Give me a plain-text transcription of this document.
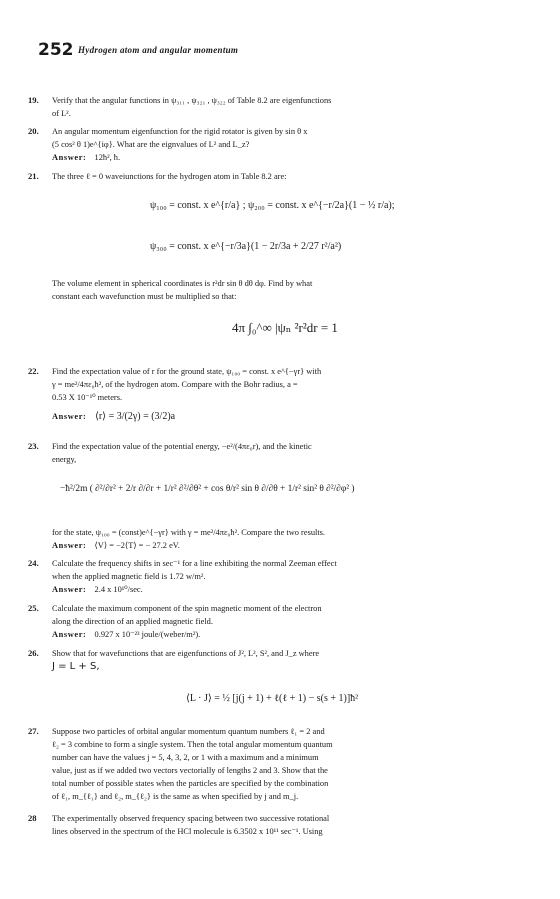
252 Hydrogen atom and angular momentum
19. Verify that the angular functions in ψ₃₁₁ , ψ₃₂₁ , ψ₃₂₂ of Table 8.2 are eigenfunctions
of L².
20. An angular momentum eigenfunction for the rigid rotator is given by sin θ x
(5 cos² θ 1)e^{iφ}. What are the eignvalues of L² and L_z?
Answer: 12ħ², ħ.
21. The three ℓ = 0 waveiunctions for the hydrogen atom in Table 8.2 are:
ψ₁₀₀ = const. x e^{r/a} ; ψ₂₀₀ = const. x e^{−r/2a}(1 − ½ r/a);
ψ₃₀₀ = const. x e^{−r/3a}(1 − 2r/3a + 2/27 r²/a²)
The volume element in spherical coordinates is r²dr sin θ dθ dφ. Find by what
constant each wavefunction must be multiplied so that:
4π ∫₀^∞ |ψₙ ²r²dr = 1
22. Find the expectation value of r for the ground state, ψ₁₀₀ = const. x e^{−γr} with
γ = me²/4πε₀ħ², of the hydrogen atom. Compare with the Bohr radius, a =
0.53 X 10⁻¹⁰ meters.
Answer: ⟨r⟩ = 3/(2γ) = (3/2)a
23. Find the expectation value of the potential energy, −e²/(4πε₀r), and the kinetic
energy,
−ħ²/2m ( ∂²/∂r² + 2/r ∂/∂r + 1/r² ∂²/∂θ² + cos θ/r² sin θ ∂/∂θ + 1/r² sin² θ ∂²/∂φ² )
for the state, ψ₁₀₀ = (const)e^{−γr} with γ = me²/4πε₀ħ². Compare the two results.
Answer: ⟨V⟩ = −2⟨T⟩ = − 27.2 eV.
24. Calculate the frequency shifts in sec⁻¹ for a line exhibiting the normal Zeeman effect
when the applied magnetic field is 1.72 w/m².
Answer: 2.4 x 10¹⁰/sec.
25. Calculate the maximum component of the spin magnetic moment of the electron
along the direction of an applied magnetic field.
Answer: 0.927 x 10⁻²³ joule/(weber/m²).
26. Show that for wavefunctions that are eigenfunctions of J², L², S², and J_z where
J = L + S,
⟨L · J⟩ = ½ [j(j + 1) + ℓ(ℓ + 1) − s(s + 1)]ħ²
27. Suppose two particles of orbital angular momentum quantum numbers ℓ₁ = 2 and
ℓ₂ = 3 combine to form a single system. Then the total angular momentum quantum
number can have the values j = 5, 4, 3, 2, or 1 with a maximum and a minimum
value, just as if we added two vectors vectorially of lengths 2 and 3. Show that the
total number of possible states when the particles are specified by the combination
of ℓ₁, m_{ℓ₁} and ℓ₂, m_{ℓ₂} is the same as when specified by j and m_j.
28 The experimentally observed frequency spacing between two successive rotational
lines observed in the spectrum of the HCl molecule is 6.3502 x 10¹¹ sec⁻¹. Using
